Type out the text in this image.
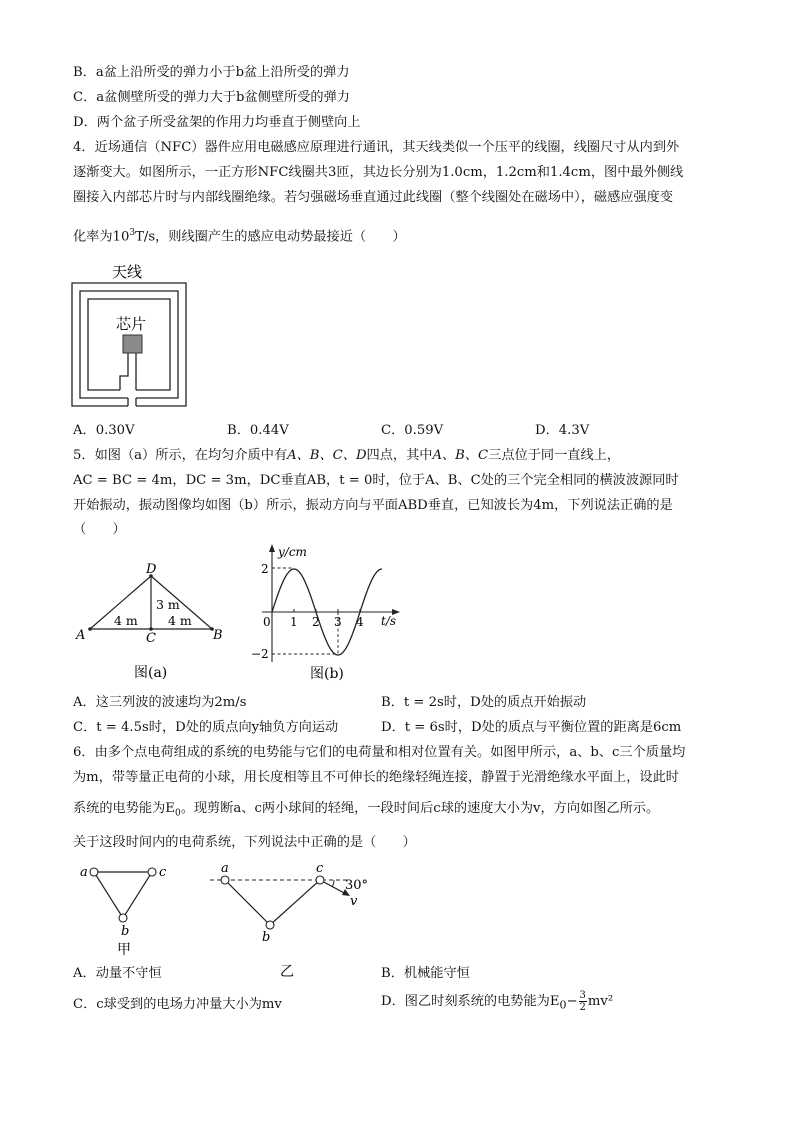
B．a盆上沿所受的弹力小于b盆上沿所受的弹力
C．a盆侧壁所受的弹力大于b盆侧壁所受的弹力
D．两个盆子所受盆架的作用力均垂直于侧壁向上
4．近场通信（NFC）器件应用电磁感应原理进行通讯，其天线类似一个压平的线圈，线圈尺寸从内到外
逐渐变大。如图所示，一正方形NFC线圈共3匝，其边长分别为1.0cm，1.2cm和1.4cm，图中最外侧线
圈接入内部芯片时与内部线圈绝缘。若匀强磁场垂直通过此线圈（整个线圈处在磁场中），磁感应强度变
化率为$10^3T/s$，则线圈产生的感应电动势最接近（　　）
天线
芯片
A．0.30V	B．0.44V	C．0.59V	D．4.3V
5．如图（a）所示，在均匀介质中有A、B、C、D四点，其中A、B、C三点位于同一直线上，
AC = BC = 4m，DC = 3m，DC垂直AB，t = 0时，位于A、B、C处的三个完全相同的横波波源同时
开始振动，振动图像均如图（b）所示，振动方向与平面ABD垂直，已知波长为4m，下列说法正确的是
（　　）
D
A	B
C
3 m
4 m 4 m
图(a)
y/cm
t/s
2
−2
0 1 2 3 4
图(b)
A．这三列波的波速均为2m/s	B．t = 2s时，D处的质点开始振动
C．t = 4.5s时，D处的质点向y轴负方向运动	D．t = 6s时，D处的质点与平衡位置的距离是6cm
6．由多个点电荷组成的系统的电势能与它们的电荷量和相对位置有关。如图甲所示，a、b、c三个质量均
为m，带等量正电荷的小球，用长度相等且不可伸长的绝缘轻绳连接，静置于光滑绝缘水平面上，设此时
系统的电势能为$E_0$。现剪断a、c两小球间的轻绳，一段时间后c球的速度大小为v，方向如图乙所示。
关于这段时间内的电荷系统，下列说法中正确的是（　　）
a	c
b
甲
a	c
b
30°
v
乙
A．动量不守恒	B．机械能守恒
C．c球受到的电场力冲量大小为mv	D．图乙时刻系统的电势能为$E_0- \frac{3}{2} mv^2$
